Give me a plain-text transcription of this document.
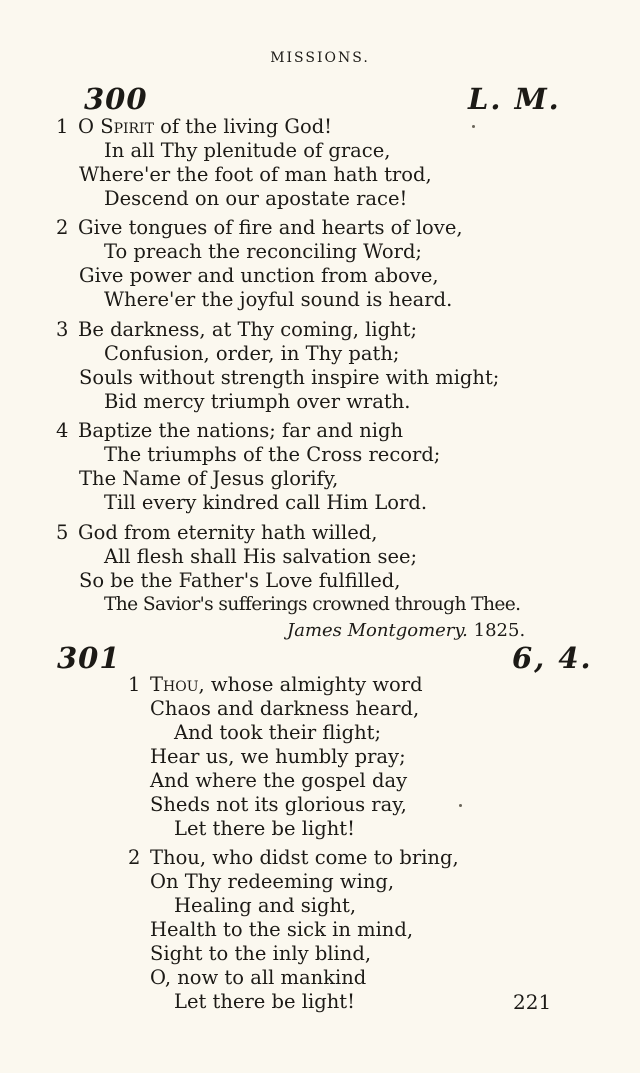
MISSIONS.
300	L. M.
1 O Spirit of the living God!
In all Thy plenitude of grace,
Where'er the foot of man hath trod,
Descend on our apostate race!
2 Give tongues of fire and hearts of love,
To preach the reconciling Word;
Give power and unction from above,
Where'er the joyful sound is heard.
3 Be darkness, at Thy coming, light;
Confusion, order, in Thy path;
Souls without strength inspire with might;
Bid mercy triumph over wrath.
4 Baptize the nations; far and nigh
The triumphs of the Cross record;
The Name of Jesus glorify,
Till every kindred call Him Lord.
5 God from eternity hath willed,
All flesh shall His salvation see;
So be the Father's Love fulfilled,
The Savior's sufferings crowned through Thee.
James Montgomery. 1825.
301	6, 4.
1 Thou, whose almighty word
Chaos and darkness heard,
And took their flight;
Hear us, we humbly pray;
And where the gospel day
Sheds not its glorious ray,
Let there be light!
2 Thou, who didst come to bring,
On Thy redeeming wing,
Healing and sight,
Health to the sick in mind,
Sight to the inly blind,
O, now to all mankind
Let there be light!	221
